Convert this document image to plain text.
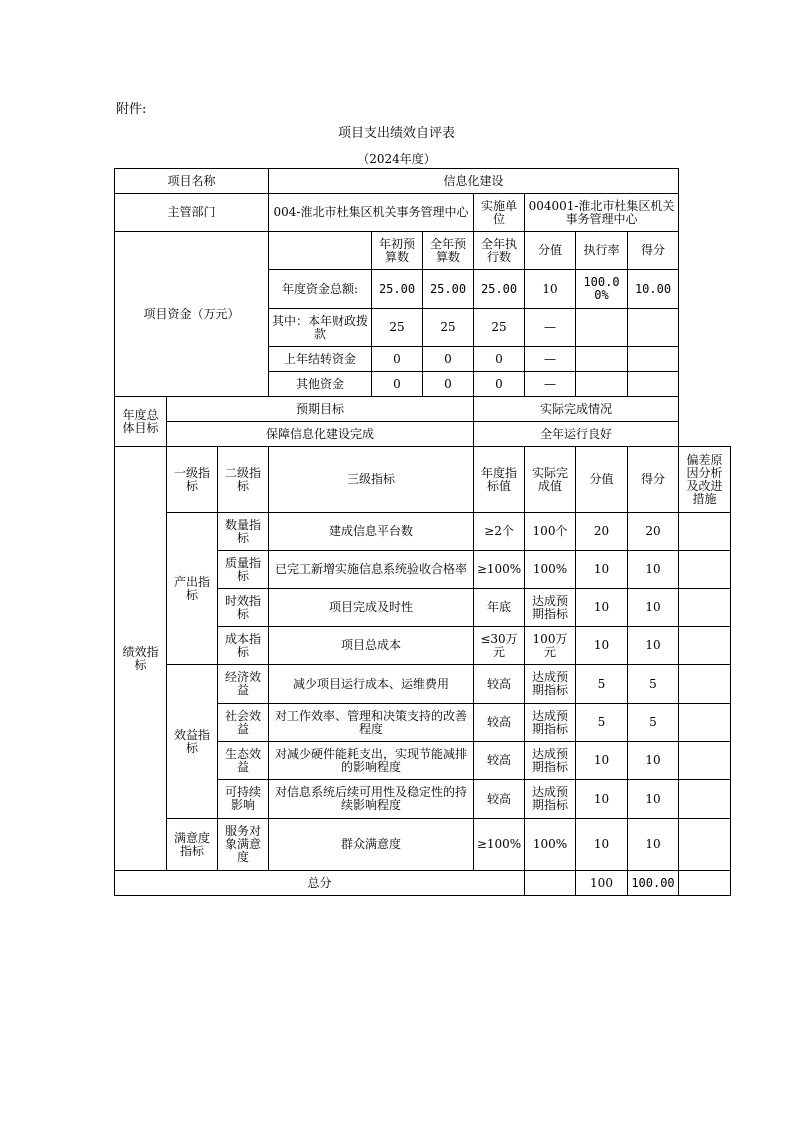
附件:
项目支出绩效自评表
（2024年度）
项目名称			信息化建设							
主管部门			004-淮北市杜集区机关事务管理中心			实施单位	004001-淮北市杜集区机关事务管理中心			
项目资金（万元）				年初预算数	全年预算数	全年执行数	分值	执行率	得分	
			年度资金总额:	25.00	25.00	25.00	10	100.00%	10.00	
			其中：本年财政拨款	25	25	25	—			
			上年结转资金	0	0	0	—			
			其他资金	0	0	0	—			
年度总体目标	预期目标					实际完成情况				
	保障信息化建设完成					全年运行良好				
绩效指标	一级指标	二级指标	三级指标			年度指标值	实际完成值	分值	得分	偏差原因分析及改进措施
	产出指标	数量指标	建成信息平台数			≥2个	100个	20	20	
		质量指标	已完工新增实施信息系统验收合格率			≥100%	100%	10	10	
		时效指标	项目完成及时性			年底	达成预期指标	10	10	
		成本指标	项目总成本			≤30万元	100万元	10	10	
	效益指标	经济效益	减少项目运行成本、运维费用			较高	达成预期指标	5	5	
		社会效益	对工作效率、管理和决策支持的改善程度			较高	达成预期指标	5	5	
		生态效益	对减少硬件能耗支出，实现节能减排的影响程度			较高	达成预期指标	10	10	
		可持续影响	对信息系统后续可用性及稳定性的持续影响程度			较高	达成预期指标	10	10	
	满意度指标	服务对象满意度	群众满意度			≥100%	100%	10	10	
总分								100	100.00	
